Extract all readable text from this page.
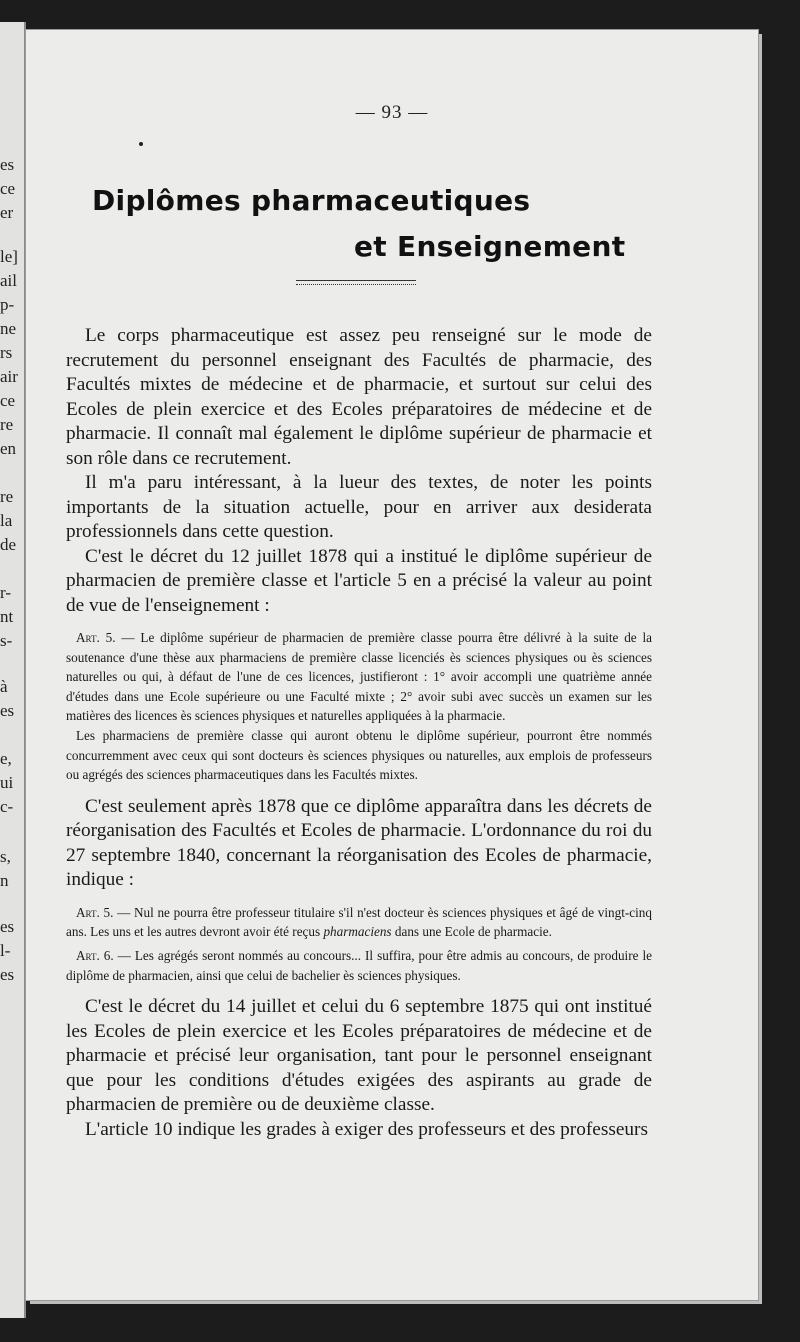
es
ce
er
le]
ail
p-
ne
rs
air
ce
re
en
re
la
de
r-
nt
s-
à
es
e,
ui
c-
s,
n
es
l-
es
— 93 —
Diplômes pharmaceutiques
et Enseignement

Le corps pharmaceutique est assez peu renseigné sur le mode de recrutement du personnel enseignant des Facultés de pharmacie, des Facultés mixtes de médecine et de pharmacie, et surtout sur celui des Ecoles de plein exercice et des Ecoles préparatoires de médecine et de pharmacie. Il connaît mal également le diplôme supérieur de pharmacie et son rôle dans ce recrutement.

Il m'a paru intéressant, à la lueur des textes, de noter les points importants de la situation actuelle, pour en arriver aux desiderata professionnels dans cette question.

C'est le décret du 12 juillet 1878 qui a institué le diplôme supérieur de pharmacien de première classe et l'article 5 en a précisé la valeur au point de vue de l'enseignement :

Art. 5. — Le diplôme supérieur de pharmacien de première classe pourra être délivré à la suite de la soutenance d'une thèse aux pharmaciens de première classe licenciés ès sciences physiques ou ès sciences naturelles ou qui, à défaut de l'une de ces licences, justifieront : 1° avoir accompli une quatrième année d'études dans une Ecole supérieure ou une Faculté mixte ; 2° avoir subi avec succès un examen sur les matières des licences ès sciences physiques et naturelles appliquées à la pharmacie.

Les pharmaciens de première classe qui auront obtenu le diplôme supérieur, pourront être nommés concurremment avec ceux qui sont docteurs ès sciences physiques ou naturelles, aux emplois de professeurs ou agrégés des sciences pharmaceutiques dans les Facultés mixtes.

C'est seulement après 1878 que ce diplôme apparaîtra dans les décrets de réorganisation des Facultés et Ecoles de pharmacie. L'ordonnance du roi du 27 septembre 1840, concernant la réorganisation des Ecoles de pharmacie, indique :

Art. 5. — Nul ne pourra être professeur titulaire s'il n'est docteur ès sciences physiques et âgé de vingt-cinq ans. Les uns et les autres devront avoir été reçus pharmaciens dans une Ecole de pharmacie.

Art. 6. — Les agrégés seront nommés au concours... Il suffira, pour être admis au concours, de produire le diplôme de pharmacien, ainsi que celui de bachelier ès sciences physiques.

C'est le décret du 14 juillet et celui du 6 septembre 1875 qui ont institué les Ecoles de plein exercice et les Ecoles préparatoires de médecine et de pharmacie et précisé leur organisation, tant pour le personnel enseignant que pour les conditions d'études exigées des aspirants au grade de pharmacien de première ou de deuxième classe.

L'article 10 indique les grades à exiger des professeurs et des professeurs
